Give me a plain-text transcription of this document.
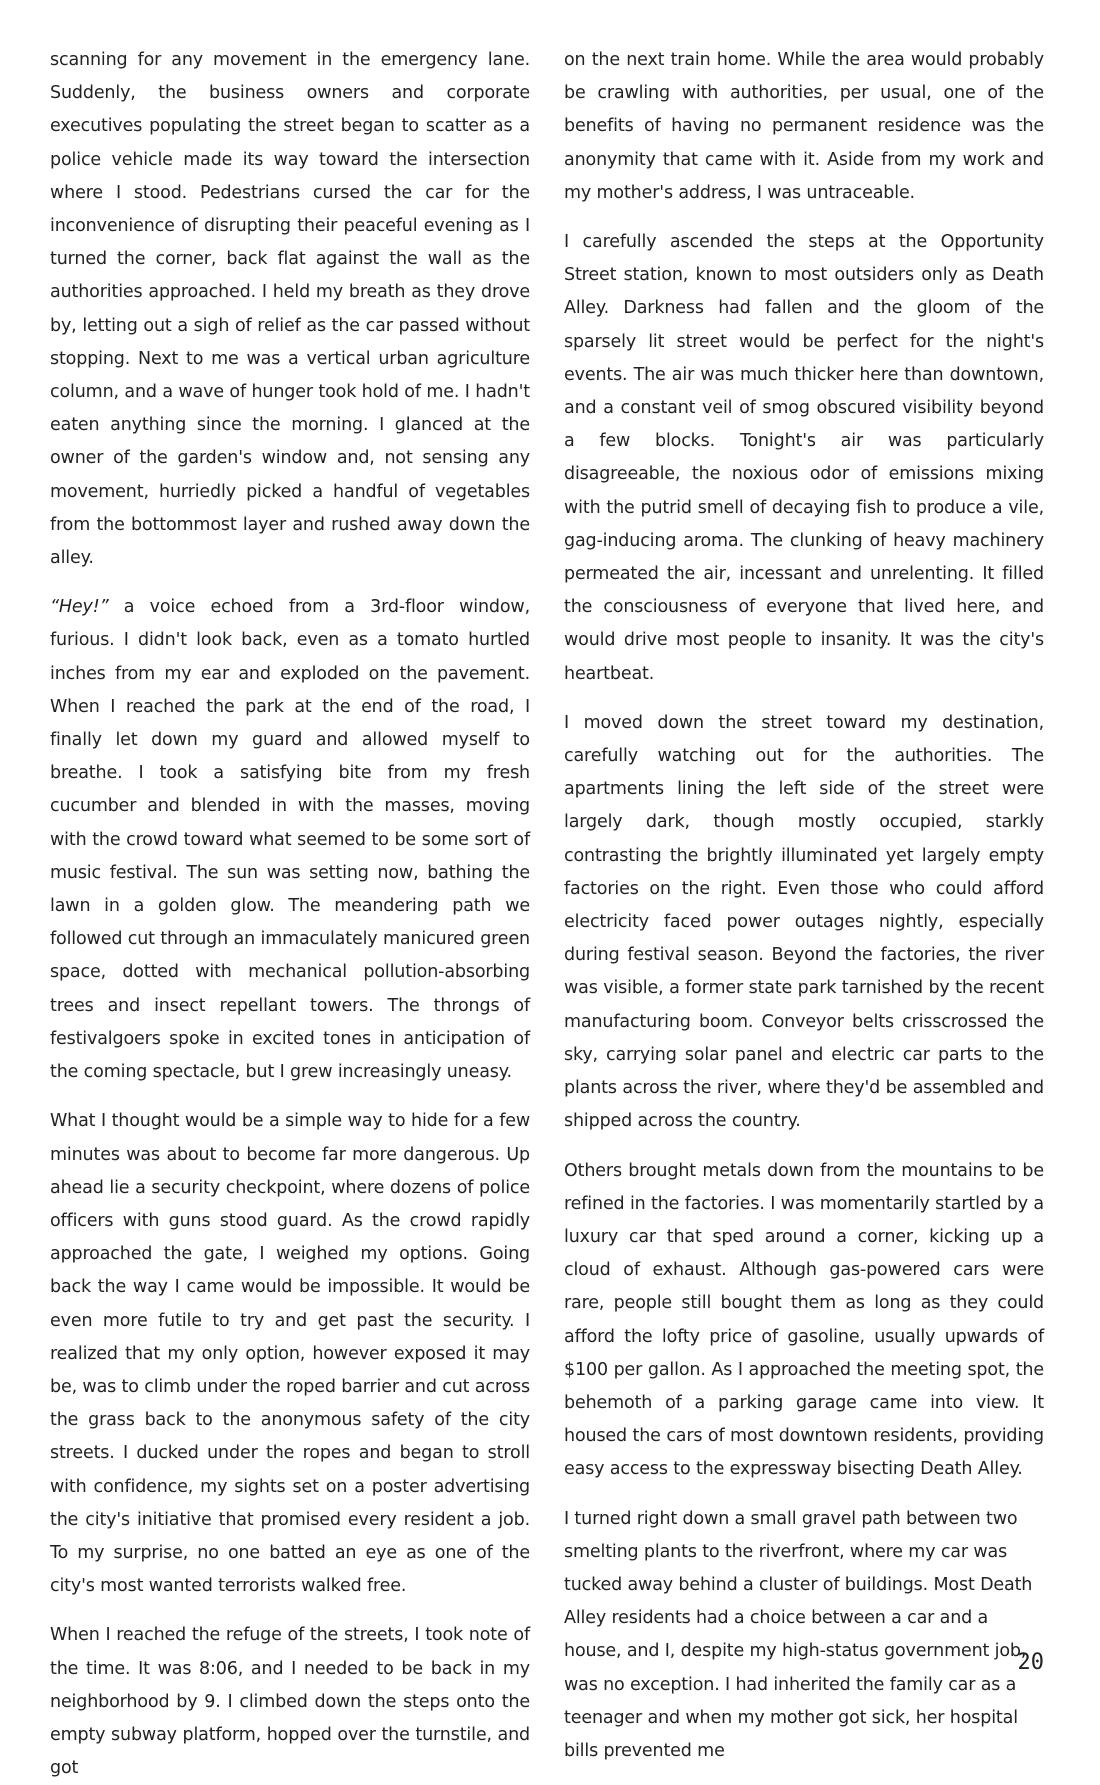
scanning for any movement in the emergency lane. Suddenly, the business owners and corporate executives populating the street began to scatter as a police vehicle made its way toward the intersection where I stood. Pedestrians cursed the car for the inconvenience of disrupting their peaceful evening as I turned the corner, back flat against the wall as the authorities approached. I held my breath as they drove by, letting out a sigh of relief as the car passed without stopping. Next to me was a vertical urban agriculture column, and a wave of hunger took hold of me. I hadn't eaten anything since the morning. I glanced at the owner of the garden's window and, not sensing any movement, hurriedly picked a handful of vegetables from the bottommost layer and rushed away down the alley.

“Hey!” a voice echoed from a 3rd-floor window, furious. I didn't look back, even as a tomato hurtled inches from my ear and exploded on the pavement. When I reached the park at the end of the road, I finally let down my guard and allowed myself to breathe. I took a satisfying bite from my fresh cucumber and blended in with the masses, moving with the crowd toward what seemed to be some sort of music festival. The sun was setting now, bathing the lawn in a golden glow. The meandering path we followed cut through an immaculately manicured green space, dotted with mechanical pollution-absorbing trees and insect repellant towers. The throngs of festivalgoers spoke in excited tones in anticipation of the coming spectacle, but I grew increasingly uneasy.

What I thought would be a simple way to hide for a few minutes was about to become far more dangerous. Up ahead lie a security checkpoint, where dozens of police officers with guns stood guard. As the crowd rapidly approached the gate, I weighed my options. Going back the way I came would be impossible. It would be even more futile to try and get past the security. I realized that my only option, however exposed it may be, was to climb under the roped barrier and cut across the grass back to the anonymous safety of the city streets. I ducked under the ropes and began to stroll with confidence, my sights set on a poster advertising the city's initiative that promised every resident a job. To my surprise, no one batted an eye as one of the city's most wanted terrorists walked free.

When I reached the refuge of the streets, I took note of the time. It was 8:06, and I needed to be back in my neighborhood by 9. I climbed down the steps onto the empty subway platform, hopped over the turnstile, and got

on the next train home. While the area would probably be crawling with authorities, per usual, one of the benefits of having no permanent residence was the anonymity that came with it. Aside from my work and my mother's address, I was untraceable.

I carefully ascended the steps at the Opportunity Street station, known to most outsiders only as Death Alley. Darkness had fallen and the gloom of the sparsely lit street would be perfect for the night's events. The air was much thicker here than downtown, and a constant veil of smog obscured visibility beyond a few blocks. Tonight's air was particularly disagreeable, the noxious odor of emissions mixing with the putrid smell of decaying fish to produce a vile, gag-inducing aroma. The clunking of heavy machinery permeated the air, incessant and unrelenting. It filled the consciousness of everyone that lived here, and would drive most people to insanity. It was the city's heartbeat.

I moved down the street toward my destination, carefully watching out for the authorities. The apartments lining the left side of the street were largely dark, though mostly occupied, starkly contrasting the brightly illuminated yet largely empty factories on the right. Even those who could afford electricity faced power outages nightly, especially during festival season. Beyond the factories, the river was visible, a former state park tarnished by the recent manufacturing boom. Conveyor belts crisscrossed the sky, carrying solar panel and electric car parts to the plants across the river, where they'd be assembled and shipped across the country.

Others brought metals down from the mountains to be refined in the factories. I was momentarily startled by a luxury car that sped around a corner, kicking up a cloud of exhaust. Although gas-powered cars were rare, people still bought them as long as they could afford the lofty price of gasoline, usually upwards of $100 per gallon. As I approached the meeting spot, the behemoth of a parking garage came into view. It housed the cars of most downtown residents, providing easy access to the expressway bisecting Death Alley.

I turned right down a small gravel path between two smelting plants to the riverfront, where my car was tucked away behind a cluster of buildings. Most Death Alley residents had a choice between a car and a house, and I, despite my high-status government job, was no exception. I had inherited the family car as a teenager and when my mother got sick, her hospital bills prevented me

20
